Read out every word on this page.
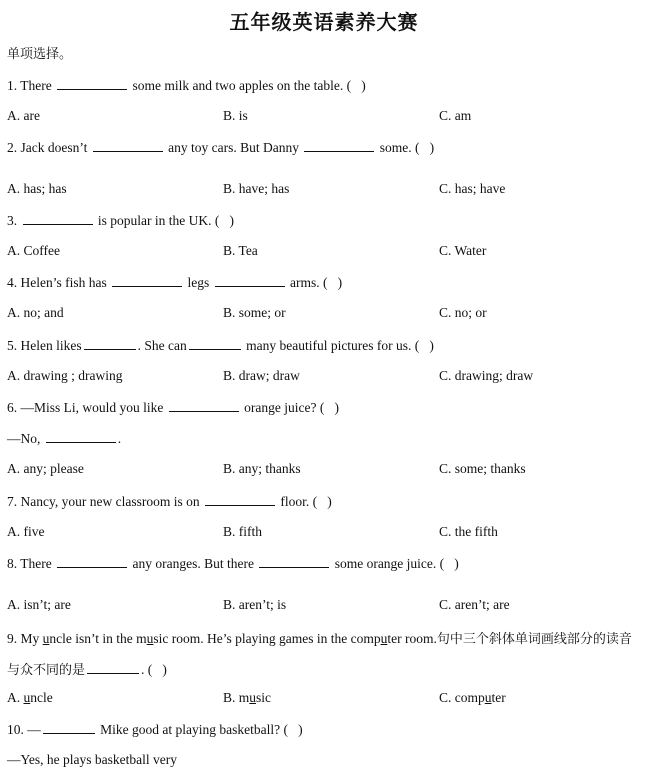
五年级英语素养大赛
单项选择。
1. There	some milk and two apples on the table. ( )
A. are	B. is	C. am
2. Jack doesn’t	any toy cars. But Danny	some. ( )
A. has; has	B. have; has	C. has; have
3.	is popular in the UK. ( )
A. Coffee	B. Tea	C. Water
4. Helen’s fish has	legs	arms. ( )
A. no; and	B. some; or	C. no; or
5. Helen likes	. She can	many beautiful pictures for us. ( )
A. drawing ; drawing	B. draw; draw	C. drawing; draw
6. —Miss Li, would you like	orange juice? ( )
—No,	.
A. any; please	B. any; thanks	C. some; thanks
7. Nancy, your new classroom is on	floor. ( )
A. five	B. fifth	C. the fifth
8. There	any oranges. But there	some orange juice. ( )
A. isn’t; are	B. aren’t; is	C. aren’t; are
9. My uncle isn’t in the music room. He’s playing games in the computer room.句中三个斜体单词画线部分的读音
与众不同的是	. ( )
A. uncle	B. music	C. computer
10. —	Mike good at playing basketball? ( )
—Yes, he plays basketball very
